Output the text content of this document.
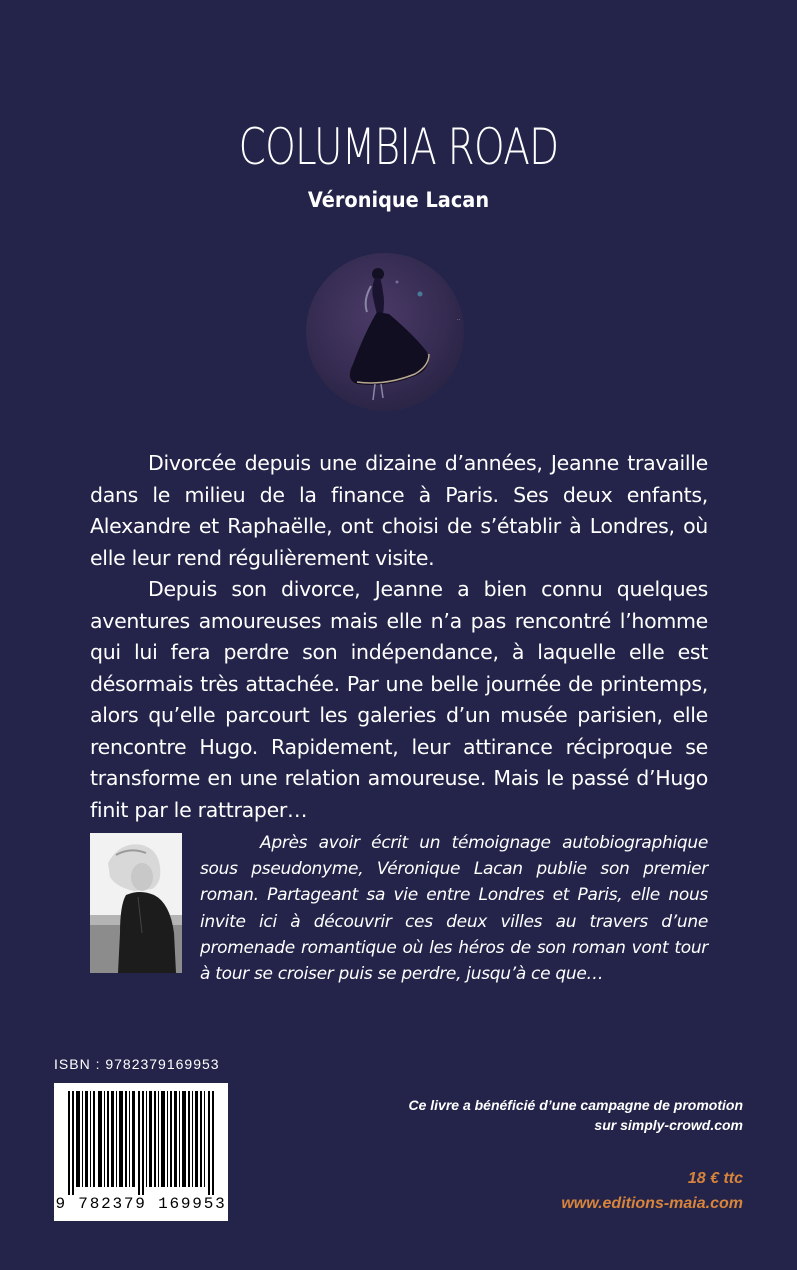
COLUMBIA ROAD
Véronique Lacan
..

Divorcée depuis une dizaine d’années, Jeanne travaille dans le milieu de la finance à Paris. Ses deux enfants, Alexandre et Raphaëlle, ont choisi de s’établir à Londres, où elle leur rend régulièrement visite.

Depuis son divorce, Jeanne a bien connu quelques aventures amoureuses mais elle n’a pas rencontré l’homme qui lui fera perdre son indépendance, à laquelle elle est désormais très attachée. Par une belle journée de printemps, alors qu’elle parcourt les galeries d’un musée parisien, elle rencontre Hugo. Rapidement, leur attirance réciproque se transforme en une relation amoureuse. Mais le passé d’Hugo finit par le rattraper…

Après avoir écrit un témoignage autobiographique sous pseudonyme, Véronique Lacan publie son premier roman. Partageant sa vie entre Londres et Paris, elle nous invite ici à découvrir ces deux villes au travers d’une promenade romantique où les héros de son roman vont tour à tour se croiser puis se perdre, jusqu’à ce que…

ISBN : 9782379169953
9 782379 169953
Ce livre a bénéficié d’une campagne de promotion
sur simply-crowd.com
18 € ttc
www.editions-maia.com
